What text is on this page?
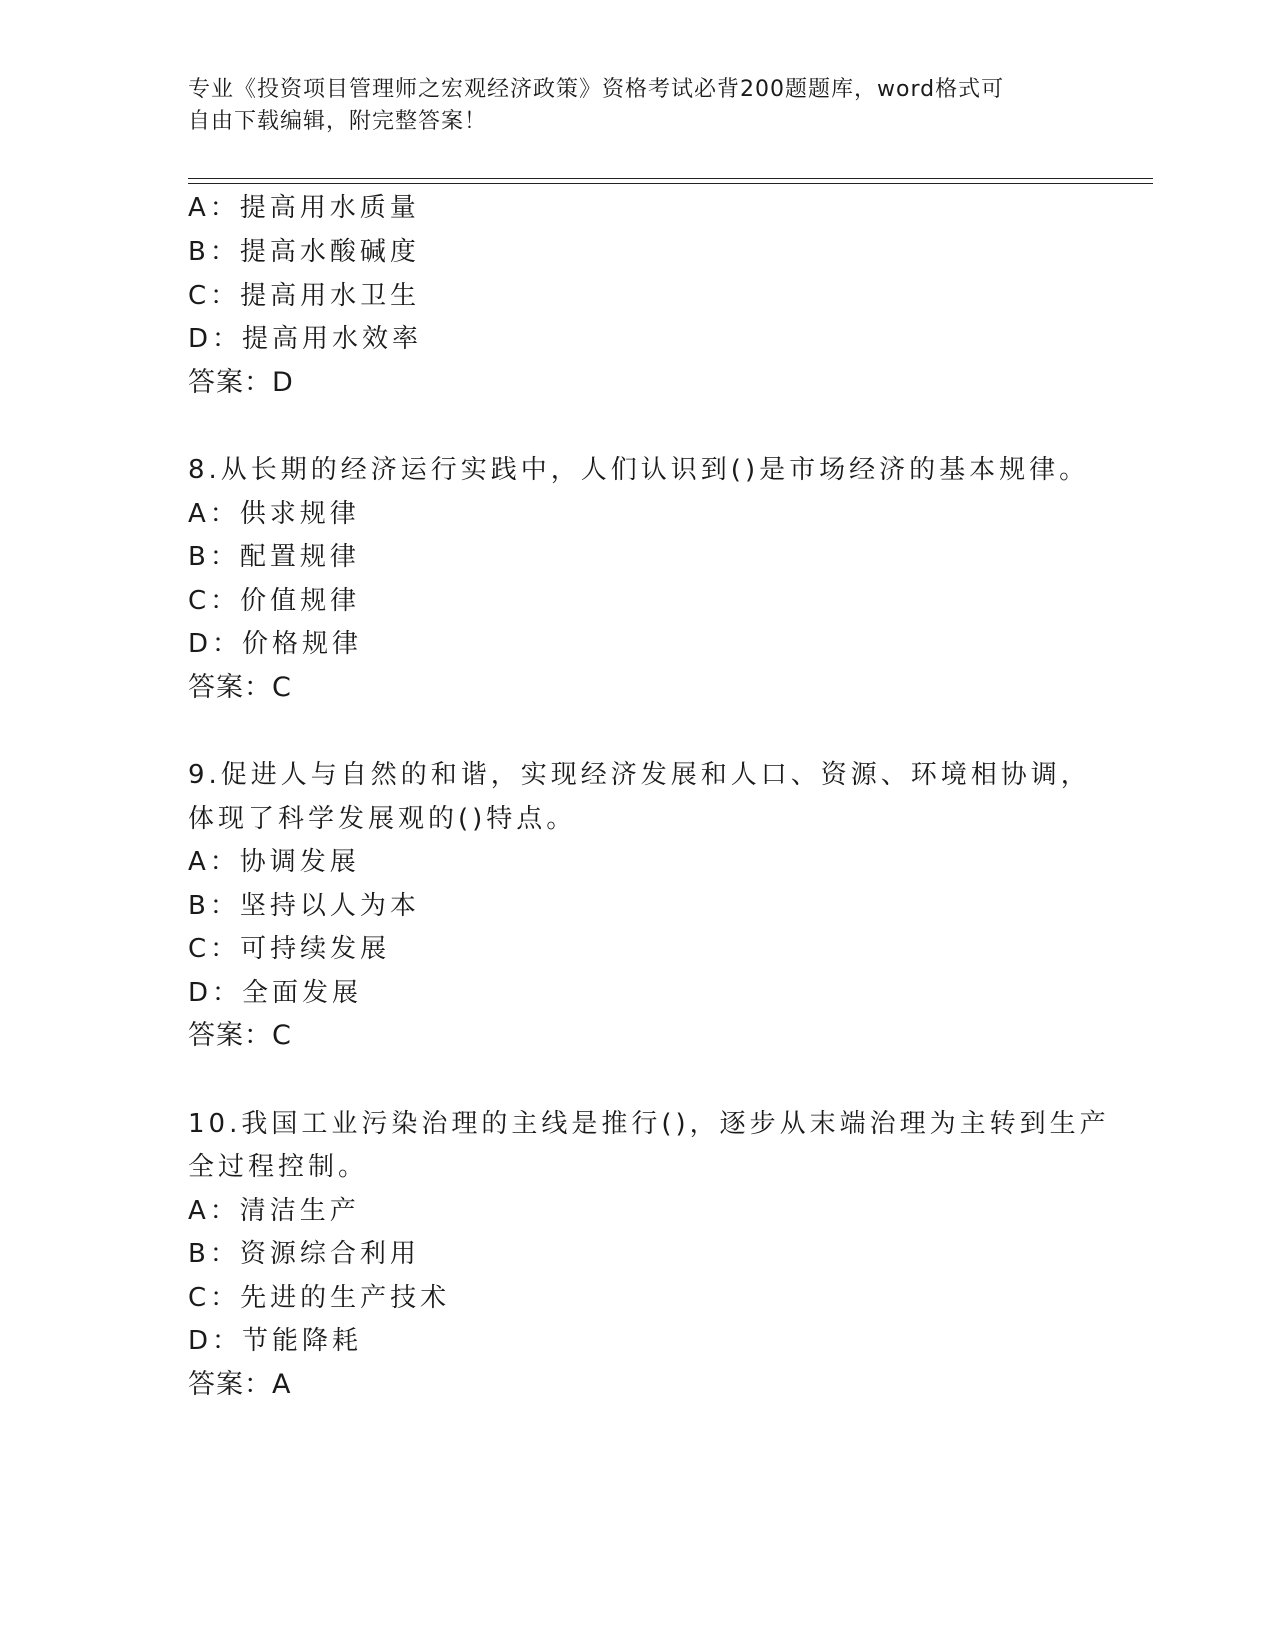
专业《投资项目管理师之宏观经济政策》资格考试必背200题题库，word格式可
自由下载编辑，附完整答案！
A：提高用水质量
B：提高水酸碱度
C：提高用水卫生
D：提高用水效率
答案：D
8.从长期的经济运行实践中，人们认识到()是市场经济的基本规律。
A：供求规律
B：配置规律
C：价值规律
D：价格规律
答案：C
9.促进人与自然的和谐，实现经济发展和人口、资源、环境相协调，
体现了科学发展观的()特点。
A：协调发展
B：坚持以人为本
C：可持续发展
D：全面发展
答案：C
10.我国工业污染治理的主线是推行()，逐步从末端治理为主转到生产
全过程控制。
A：清洁生产
B：资源综合利用
C：先进的生产技术
D：节能降耗
答案：A
